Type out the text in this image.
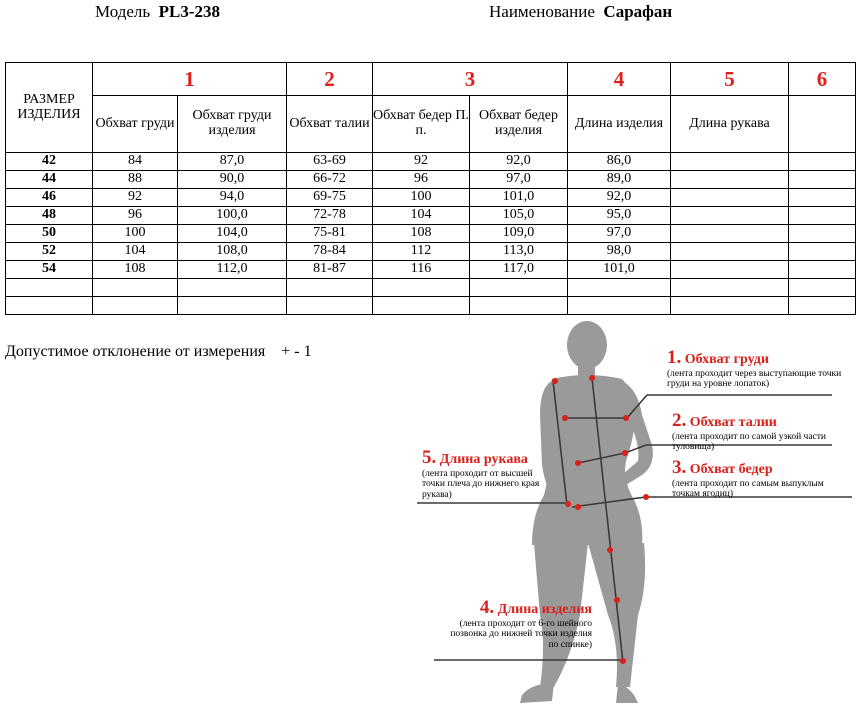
Модель PL3-238	Наименование Сарафан
РАЗМЕР ИЗДЕЛИЯ	1		2	3		4	5	6
	Обхват груди	Обхват груди изделия	Обхват талии	Обхват бедер П. п.	Обхват бедер изделия	Длина изделия	Длина рукава	
42	84	87,0	63-69	92	92,0	86,0		
44	88	90,0	66-72	96	97,0	89,0		
46	92	94,0	69-75	100	101,0	92,0		
48	96	100,0	72-78	104	105,0	95,0		
50	100	104,0	75-81	108	109,0	97,0		
52	104	108,0	78-84	112	113,0	98,0		
54	108	112,0	81-87	116	117,0	101,0		

Допустимое отклонение от измерения    + - 1	1. Обхват груди
(лента проходит через выступающие точки груди на уровне лопаток)
2. Обхват талии
(лента проходит по самой узкой части туловища)
3. Обхват бедер
(лента проходит по самым выпуклым точкам ягодиц)
5. Длина рукава
(лента проходит от высшей точки плеча до нижнего края рукава)
4. Длина изделия
(лента проходит от 6-го шейного позвонка до нижней точки изделия по спинке)
